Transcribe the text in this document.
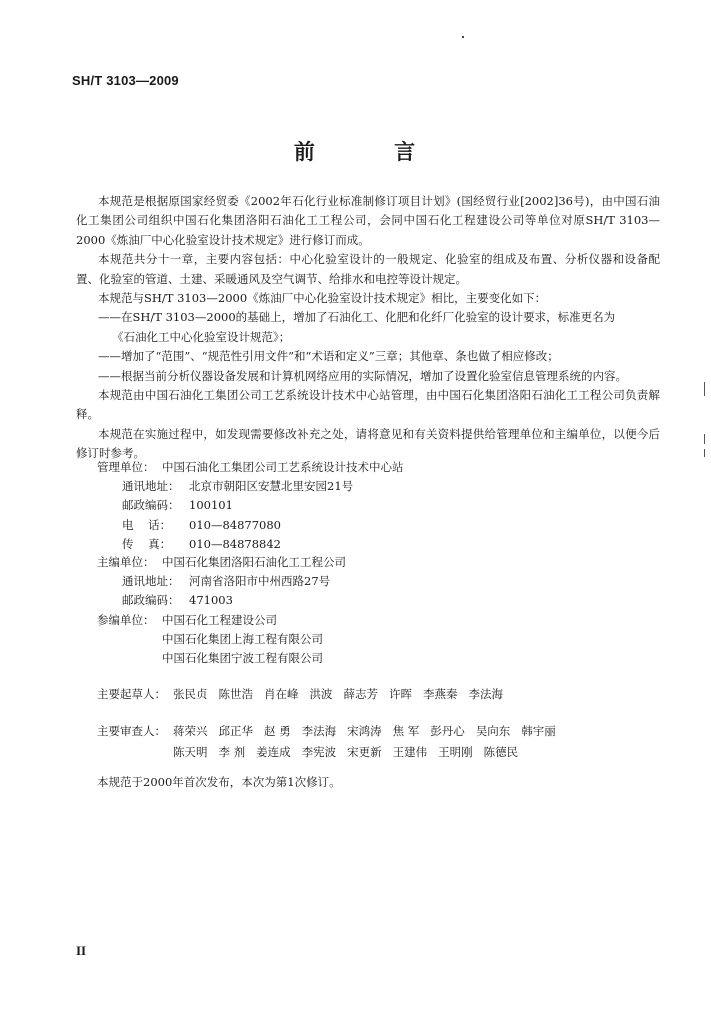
SH/T 3103—2009
前 言

本规范是根据原国家经贸委《2002年石化行业标准制修订项目计划》(国经贸行业[2002]36号)，由中国石油化工集团公司组织中国石化集团洛阳石油化工工程公司，会同中国石化工程建设公司等单位对原SH/T 3103—2000《炼油厂中心化验室设计技术规定》进行修订而成。

本规范共分十一章，主要内容包括：中心化验室设计的一般规定、化验室的组成及布置、分析仪器和设备配置、化验室的管道、土建、采暖通风及空气调节、给排水和电控等设计规定。

本规范与SH/T 3103—2000《炼油厂中心化验室设计技术规定》相比，主要变化如下：

——在SH/T 3103—2000的基础上，增加了石油化工、化肥和化纤厂化验室的设计要求，标准更名为

《石油化工中心化验室设计规范》；

——增加了“范围”、“规范性引用文件”和“术语和定义”三章；其他章、条也做了相应修改；

——根据当前分析仪器设备发展和计算机网络应用的实际情况，增加了设置化验室信息管理系统的内容。

本规范由中国石油化工集团公司工艺系统设计技术中心站管理，由中国石化集团洛阳石油化工工程公司负责解释。

本规范在实施过程中，如发现需要修改补充之处，请将意见和有关资料提供给管理单位和主编单位，以便今后修订时参考。

管理单位： 中国石油化工集团公司工艺系统设计技术中心站
通讯地址： 北京市朝阳区安慧北里安园21号
邮政编码： 100101
电    话：	010—84877080
传    真：	010—84878842
主编单位： 中国石化集团洛阳石油化工工程公司
通讯地址： 河南省洛阳市中州西路27号
邮政编码： 471003
参编单位： 中国石化工程建设公司
中国石化集团上海工程有限公司
中国石化集团宁波工程有限公司
主要起草人： 张民贞 陈世浩 肖在峰 洪波 薛志芳 许晖 李燕秦 李法海
主要审查人： 蒋荣兴 邱正华 赵 勇 李法海 宋鸿涛 焦 军 彭丹心 吴向东 韩宇丽
陈天明 李 剂 姜连成 李宪波 宋更新 王建伟 王明刚 陈德民
本规范于2000年首次发布，本次为第1次修订。
II
